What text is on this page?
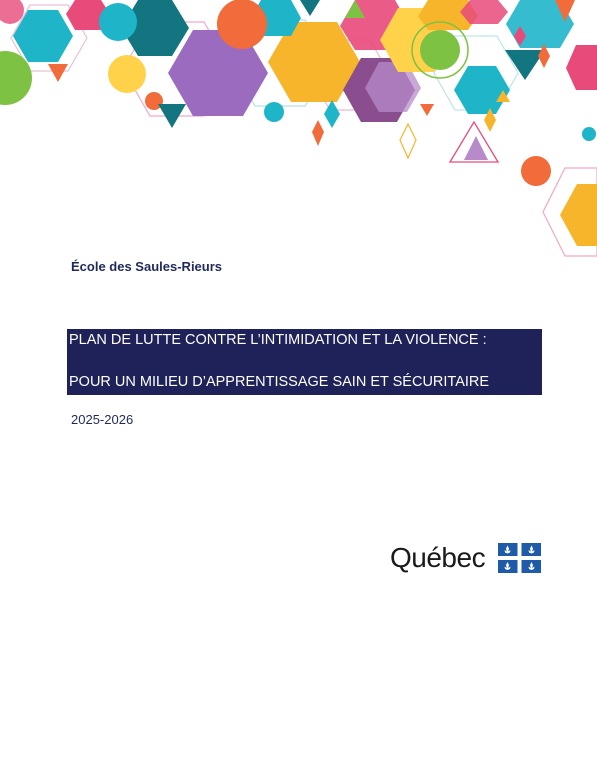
École des Saules-Rieurs

PLAN DE LUTTE CONTRE L’INTIMIDATION ET LA VIOLENCE :

POUR UN MILIEU D’APPRENTISSAGE SAIN ET SÉCURITAIRE

2025-2026

Québec
